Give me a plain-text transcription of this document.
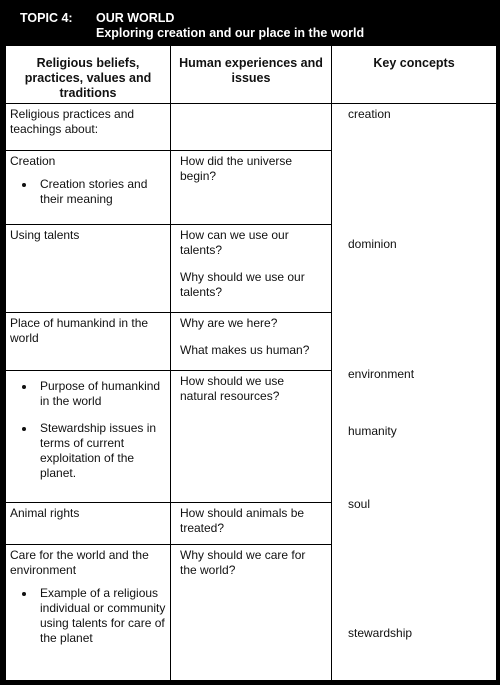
TOPIC 4: OUR WORLD
Exploring creation and our place in the world
Religious beliefs, practices, values and traditions
Human experiences and issues
Key concepts
Religious practices and teachings about:
Creation
Creation stories and their meaning
How did the universe begin?
Using talents	How can we use our talents?
Why should we use our talents?
Place of humankind in the world
Why are we here?
What makes us human?
Purpose of humankind in the world
Stewardship issues in terms of current exploitation of the planet.
How should we use natural resources?
Animal rights	How should animals be treated?
Care for the world and the environment
Example of a religious individual or community using talents for care of the planet
Why should we care for the world?
creation
dominion
environment
humanity
soul
stewardship
